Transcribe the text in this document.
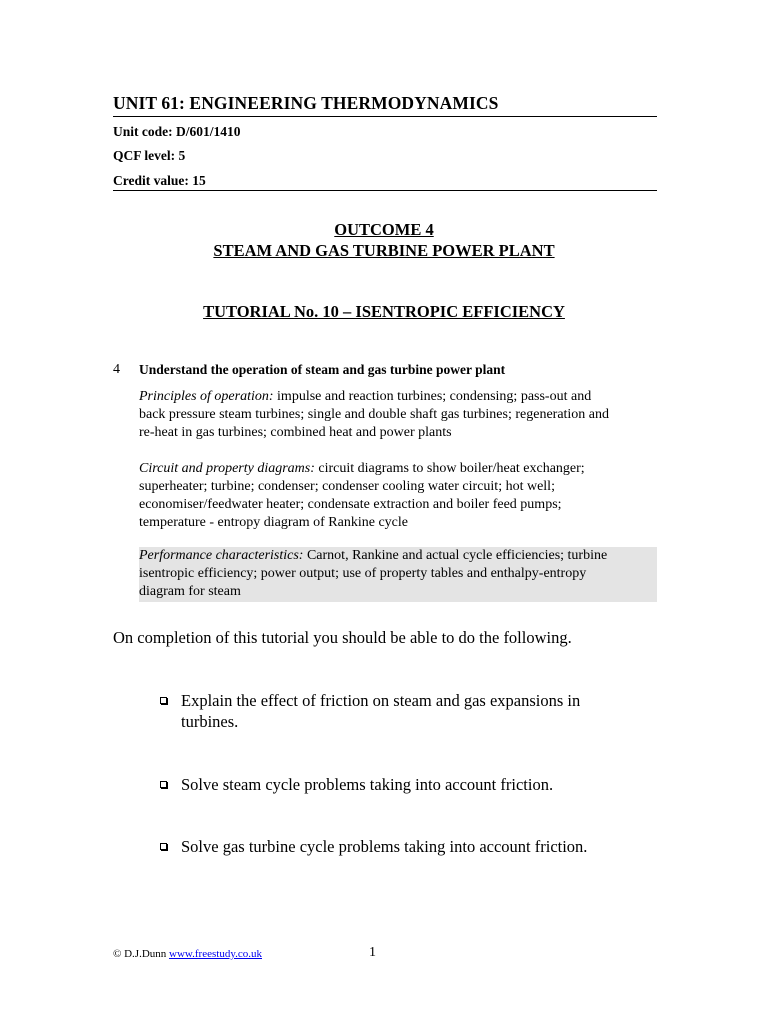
UNIT 61: ENGINEERING THERMODYNAMICS
Unit code: D/601/1410
QCF level: 5
Credit value: 15
OUTCOME 4
STEAM AND GAS TURBINE POWER PLANT
TUTORIAL No. 10 – ISENTROPIC EFFICIENCY
4 Understand the operation of steam and gas turbine power plant
Principles of operation: impulse and reaction turbines; condensing; pass-out and
back pressure steam turbines; single and double shaft gas turbines; regeneration and
re-heat in gas turbines; combined heat and power plants
Circuit and property diagrams: circuit diagrams to show boiler/heat exchanger;
superheater; turbine; condenser; condenser cooling water circuit; hot well;
economiser/feedwater heater; condensate extraction and boiler feed pumps;
temperature - entropy diagram of Rankine cycle
Performance characteristics: Carnot, Rankine and actual cycle efficiencies; turbine
isentropic efficiency; power output; use of property tables and enthalpy-entropy
diagram for steam
On completion of this tutorial you should be able to do the following.
Explain the effect of friction on steam and gas expansions in
turbines.
Solve steam cycle problems taking into account friction.
Solve gas turbine cycle problems taking into account friction.
© D.J.Dunn www.freestudy.co.uk	1
